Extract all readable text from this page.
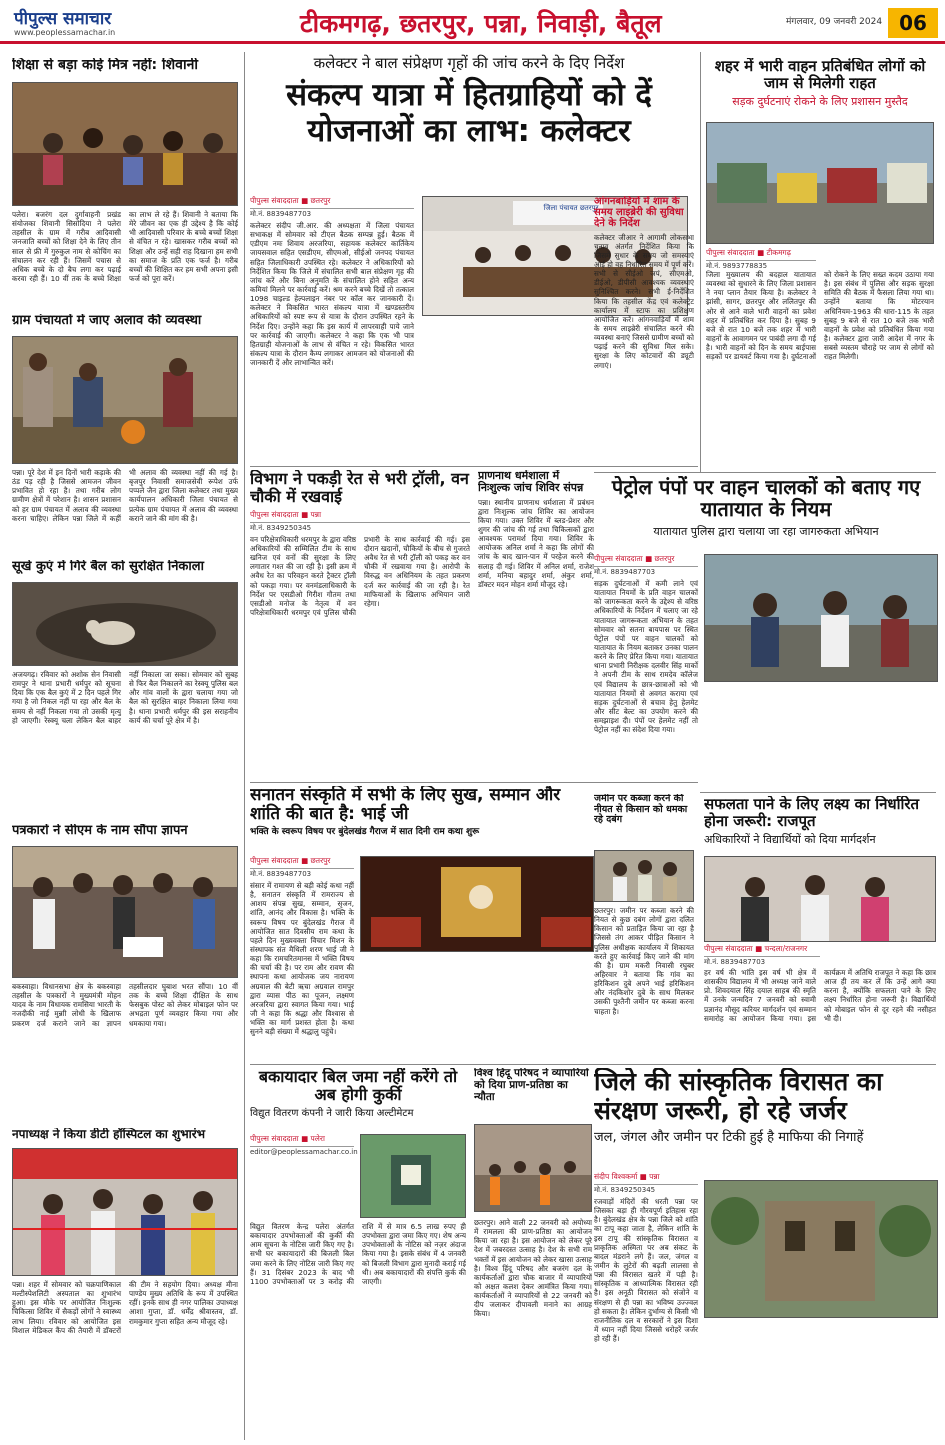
पीपुल्स समाचार
www.peoplessamachar.in	टीकमगढ़, छतरपुर, पन्ना, निवाड़ी, बैतूल	मंगलवार, 09 जनवरी 2024 06
शिक्षा से बड़ा कोई मित्र नहीं: शिवानी
पलेरा। बजरंग दल दुर्गावाहनी प्रखंड संयोजका शिवानी सिसोदिया ने पलेरा तहसील के ग्राम में गरीब आदिवासी जनजाति बच्चों को शिक्षा देने के लिए तीन साल से फ्री में गुरुकुल नाम से कोचिंग का संचालन कर रही हैं। जिसमें पचास से अधिक बच्चे के दो बैच लगा कर पढ़ाई करवा रही हैं। 10 वीं तक के बच्चे शिक्षा का लाभ ले रहे हैं। शिवानी ने बताया कि मेरे जीवन का एक ही उद्देश्य है कि कोई भी आदिवासी परिवार के बच्चे बच्चों शिक्षा से वंचित न रहे। खासकर गरीब बच्चों को शिक्षा और उन्हें सही राह दिखाना हम सभी का समाज के प्रति एक फर्ज है। गरीब बच्चों की शिक्षित कर हम सभी अपना इसी फर्ज को पूरा करें।
ग्राम पंचायतों में जाए अलाव की व्यवस्था
पन्ना। पूरे देश में इन दिनों भारी कड़ाके की ठंड पड़ रही है जिससे आमजन जीवन प्रभावित हो रहा है। तथा गरीब लोग ग्रामीण क्षेत्रों में परेशान है। शासन प्रशासन को हर ग्राम पंचायत में अलाव की व्यवस्था करना चाहिए। लेकिन पन्ना जिले में कहीं भी अलाव की व्यवस्था नहीं की गई है। बृजपुर निवासी समाजसेवी रूपेश उर्फ पप्पले जैन द्वारा जिला कलेक्टर तथा मुख्य कार्यपालन अधिकारी जिला पंचायत से प्रत्येक ग्राम पंचायत में अलाव की व्यवस्था कराने जाने की मांग की है।
सूखे कुएं में गिरे बैल को सुरक्षित निकाला
अजयगढ़। रविवार को अशोक सेन निवासी रामपुर ने थाना प्रभारी धर्मपुर को सूचना दिया कि एक बैल कुएं में 2 दिन पहले गिर गया है जो निकल नहीं पा रहा और बैल के समय से नहीं निकला गया तो उसकी मृत्यु हो जाएगी। रेस्क्यू चला लेकिन बैल बाहर नहीं निकाला जा सका। सोमवार को सुबह से फिर बैल निकालने का रेस्क्यू पुलिस बल और गांव वालों के द्वारा चलाया गया जो बैल को सुरक्षित बाहर निकाला लिया गया है। थाना प्रभारी धर्मपुर की इस सराहनीय कार्य की चर्चा पूरे क्षेत्र में है।
पत्रकारों ने सीएम के नाम सौंपा ज्ञापन
बकस्वाहा। विधानसभा क्षेत्र के बकस्वाहा तहसील के पत्रकारों ने मुख्यमंत्री मोहन यादव के नाम विधायक रामसिया भारती के नजदीकी नाई मुन्नाी लोधी के खिलाफ प्रकरण दर्ज कराने जाने का ज्ञापन तहसीलदार घुबाश भरत सौंपा। 10 वीं तक के बच्चे शिक्षा दीक्षित के साथ फेसबुक पोस्ट को लेकर मोबाइल फोन पर अभद्रता पूर्ण व्यवहार किया गया और धमकाया गया।
नपाध्यक्ष ने किया डीटी हॉस्पिटल का शुभारंभ
पन्ना। शहर में सोमवार को चक्रपाणिकाल मल्टीस्पेशलिटी अस्पताल का शुभारंभ हुआ। इस मौके पर आयोजित निःशुल्क चिकित्सा शिविर में सैकड़ों लोगों ने स्वास्थ्य लाभ लिया। रविवार को आयोजित इस विशाल मेडिकल कैंप की तैयारी में डॉक्टरों की टीम ने सहयोग दिया। अध्यक्ष मीना पाण्डेय मुख्य अतिथि के रूप में उपस्थित रहीं। इनके साथ ही नगर पालिका उपाध्यक्ष आशा गुप्ता, डॉ. धर्मेंद्र श्रीवास्तव, डॉ. रामकुमार गुप्ता सहित अन्य मौजूद रहे।
कलेक्टर ने बाल संप्रेक्षण गृहों की जांच करने के दिए निर्देश
संकल्प यात्रा में हितग्राहियों को दें योजनाओं का लाभ: कलेक्टर
पीपुल्स संवाददाता ■ छतरपुर
मो.नं. 8839487703
कलेक्टर संदीप जी.आर. की अध्यक्षता में जिला पंचायत सभाकक्ष में सोमवार को टीएल बैठक सम्पन्न हुई। बैठक में एडीएम नमः शिवाय अरजरिया, सहायक कलेक्टर कार्तिकेय जायसवाल सहित एसडीएम, सीएमओ, सीईओ जनपद पंचायत सहित जिलाधिकारी उपस्थित रहे। कलेक्टर ने अधिकारियों को निर्देशित किया कि जिले में संचालित सभी बाल संप्रेक्षण गृह की जांच करें और बिना अनुमति के संचालित होने सहित अन्य कमियां मिलने पर कार्रवाई करें। श्रम करने बच्चे दिखें तो तत्काल 1098 चाइल्ड हेल्पलाइन नंबर पर कॉल कर जानकारी दें। कलेक्टर ने विकसित भारत संकल्प यात्रा में खण्डस्तरीय अधिकारियों को स्पष्ट रूप से यात्रा के दौरान उपस्थित रहने के निर्देश दिए। उन्होंने कहा कि इस कार्य में लापरवाही पाये जाने पर कार्रवाई की जाएगी। कलेक्टर ने कहा कि एक भी पात्र हितग्राही योजनाओं के लाभ से वंचित न रहे। विकसित भारत संकल्प यात्रा के दौरान कैम्प लगाकर आमजन को योजनाओं की जानकारी दें और लाभान्वित करें।
जिला पंचायत छतरपुर
आंगनबाड़ियों में शाम के समय लाइब्रेरी की सुविधा देने के निर्देश
कलेक्टर जीआर ने आगामी लोकसभा चुनाव अंतर्गत निर्देशित किया कि जिसमें सुधार के समय जो समस्याएं आई हो वह निर्धारित समय में पूर्ण करें। सभी से सीईओ जपं, सीएमओ, डीईओ, डीपीसी आवश्यक व्यवस्थाएं सुनिश्चित करने। सभी ई-निर्देशित किया कि तहसील केंद्र एवं कलेक्ट्रेट कार्यालय में स्टाफ का प्रशिक्षण आयोजित करें। आंगनवाड़ियों में शाम के समय लाइब्रेरी संचालित करने की व्यवस्था बनाएं जिससे ग्रामीण बच्चों को पढ़ाई करने की सुविधा मिल सके। सुरक्षा के लिए कोटवारों की ड्यूटी लगाएं।
विभाग ने पकड़ी रेत से भरी ट्रॉली, वन चौकी में रखवाई
पीपुल्स संवाददाता ■ पन्ना
मो.नं. 8349250345
वन परिक्षेत्राधिकारी धरमपुर के द्वारा वरिष्ठ अधिकारियों की सम्मिलित टीम के साथ खनिज एवं वनों की सुरक्षा के लिए लगातार गश्त की जा रही है। इसी क्रम में अवैध रेत का परिवहन करते ट्रैक्टर ट्रॉली को पकड़ा गया। पर वनमंडलाधिकारी के निर्देश पर एसडीओ गिरीश गौतम तथा एसडीओ मनोज के नेतृत्व में वन परिक्षेत्राधिकारी धरमपुर एवं पुलिस चौकी प्रभारी के साथ कार्रवाई की गई। इस दौरान खदानों, चौकियों के बीच से गुजरते अवैध रेत से भरी ट्रॉली को पकड़ कर वन चौकी में रखवाया गया है। आरोपी के विरुद्ध वन अधिनियम के तहत प्रकरण दर्ज कर कार्रवाई की जा रही है। रेत माफियाओं के खिलाफ अभियान जारी रहेगा।
प्राणनाथ धर्मशाला में निःशुल्क जांच शिविर संपन्न
पन्ना। स्थानीय प्राणनाथ धर्मशाला में प्रबंधन द्वारा निःशुल्क जांच शिविर का आयोजन किया गया। उक्त शिविर में ब्लड-प्रेशर और शुगर की जांच की गई तथा चिकित्सकों द्वारा आवश्यक परामर्श दिया गया। शिविर के आयोजक अनिल शर्मा ने कहा कि लोगों की जांच के बाद खान-पान में परहेज करने की सलाह दी गई। शिविर में अनिल शर्मा, राजेश शर्मा, मनिया बहादुर शर्मा, अंकुर शर्मा, डॉक्टर मदन मोहन शर्मा मौजूद रहे।
सनातन संस्कृति में सभी के लिए सुख, सम्मान और शांति की बात है: भाई जी
भक्ति के स्वरूप विषय पर बुंदेलखंड गैराज में सात दिनी राम कथा शुरू
पीपुल्स संवाददाता ■ छतरपुर
मो.नं. 8839487703
संसार में रामायण से बड़ी कोई कथा नहीं है, सनातन संस्कृति में रामराज्य से आशय संपन्न सुख, सम्मान, सृजन, शांति, आनंद और विकास है। भक्ति के स्वरूप विषय पर बुंदेलखंड गैराज में आयोजित सात दिवसीय राम कथा के पहले दिन मुख्यवक्ता विचार मिशन के संस्थापक संत मैथिली शरण भाई जी ने कहा कि रामचरितमानस में भक्ति विषय की चर्चा की है। पर राम और रावण की स्थापना कथा आयोजक जय नारायण अग्रवाल की बेटी ऋचा अग्रवाल रामपुर द्वारा व्यास पीठ का पूजन, लक्ष्मण अरजरिया द्वारा स्वागत किया गया। भाई जी ने कहा कि श्रद्धा और विश्वास से भक्ति का मार्ग प्रशस्त होता है। कथा सुनने बड़ी संख्या में श्रद्धालु पहुंचे।
जमीन पर कब्जा करने की नीयत से किसान को धमका रहे दबंग
छतरपुर। जमीन पर कब्जा करने की नियत से कुछ दबंग लोगों द्वारा दलित किसान को प्रताड़ित किया जा रहा है जिससे तंग आकर पीड़ित किसान ने पुलिस अधीक्षक कार्यालय में शिकायत करते हुए कार्रवाई किए जाने की मांग की है। ग्राम मकरी निवासी रघुबर अहिरवार ने बताया कि गांव का हरिकिशन दुबे अपने भाई हरिकिशन और नंदकिशोर दुबे के साथ मिलकर उसकी पुश्तैनी जमीन पर कब्जा करना चाहता है।
बकायादार बिल जमा नहीं करेंगे तो अब होगी कुर्की
विद्युत वितरण कंपनी ने जारी किया अल्टीमेटम
पीपुल्स संवाददाता ■ पलेरा
editor@peoplessamachar.co.in
विद्युत वितरण केन्द्र पलेरा अंतर्गत बकायादार उपभोक्ताओं की कुर्की की आम सूचना के नोटिस जारी किए गए है। सभी घर बकायादारों की बिजली बिल जमा करने के लिए नोटिस जारी किए गए हैं। 31 दिसंबर 2023 के बाद भी 1100 उपभोक्ताओं पर 3 करोड़ की राशि में से मात्र 6.5 लाख रुपए ही उपभोक्ता द्वारा जमा किए गए। शेष अन्य उपभोक्ताओं के नोटिस को नज़र अंदाज किया गया है। इसके संबंध में 4 जनवरी को बिजली विभाग द्वारा मुनादी कराई गई थी। अब बकायादारों की संपत्ति कुर्क की जाएगी।
विश्व हिंदू परिषद ने व्यापारियों को दिया प्राण-प्रतिष्ठा का न्यौता
छतरपुर। आने वाली 22 जनवरी को अयोध्या में रामलला की प्राण-प्रतिष्ठा का आयोजन किया जा रहा है। इस आयोजन को लेकर पूरे देश में जबरदस्त उत्साह है। देश के सभी राम भक्तों में इस आयोजन को लेकर खासा उत्साह है। विश्व हिंदू परिषद और बजरंग दल के कार्यकर्ताओं द्वारा चौक बाजार में व्यापारियों को अक्षत कलश देकर आमंत्रित किया गया। कार्यकर्ताओं ने व्यापारियों से 22 जनवरी को दीप जलाकर दीपावली मनाने का आग्रह किया।
शहर में भारी वाहन प्रतिबंधित लोगों को जाम से मिलेगी राहत
सड़क दुर्घटनाएं रोकने के लिए प्रशासन मुस्तैद
पीपुल्स संवाददाता ■ टीकमगढ़
मो.नं. 9893778835
जिला मुख्यालय की बदहाल यातायात व्यवस्था को सुधारने के लिए जिला प्रशासन ने नया प्लान तैयार किया है। कलेक्टर ने झांसी, सागर, छतरपुर और ललितपुर की ओर से आने वाले भारी वाहनों का प्रवेश शहर में प्रतिबंधित कर दिया है। सुबह 9 बजे से रात 10 बजे तक शहर में भारी वाहनों के आवागमन पर पाबंदी लगा दी गई है। भारी वाहनों को दिन के समय बाईपास सड़कों पर डायवर्ट किया गया है। दुर्घटनाओं को रोकने के लिए सख्त कदम उठाया गया है। इस संबंध में पुलिस और सड़क सुरक्षा समिति की बैठक में फैसला लिया गया था। उन्होंने बताया कि मोटरयान अधिनियम-1963 की धारा-115 के तहत सुबह 9 बजे से रात 10 बजे तक भारी वाहनों के प्रवेश को प्रतिबंधित किया गया है। कलेक्टर द्वारा जारी आदेश में नगर के सबसे व्यस्तम चौराहे पर जाम से लोगों को राहत मिलेगी।
पेट्रोल पंपों पर वाहन चालकों को बताए गए यातायात के नियम
यातायात पुलिस द्वारा चलाया जा रहा जागरुकता अभियान
पीपुल्स संवाददाता ■ छतरपुर
मो.नं. 8839487703
सड़क दुर्घटनाओं में कमी लाने एवं यातायात नियमों के प्रति वाहन चालकों को जागरूकता करने के उद्देश्य से वरिष्ठ अधिकारियों के निर्देशन में चलाए जा रहे यातायात जागरूकता अभियान के तहत सोमवार को सतना बायपास पर स्थित पेट्रोल पंपों पर वाहन चालकों को यातायात के नियम बताकर उनका पालन करने के लिए प्रेरित किया गया। यातायात थाना प्रभारी निरीक्षक दलवीर सिंह मार्को ने अपनी टीम के साथ रामदेव कॉलेज एवं विद्यालय के छात्र-छात्राओं को भी यातायात नियमों से अवगत कराया एवं सड़क दुर्घटनाओं से बचाव हेतु हेलमेट और सीट बेल्ट का उपयोग करने की समझाइश दी। पंपों पर हेलमेट नहीं तो पेट्रोल नहीं का संदेश दिया गया।
सफलता पाने के लिए लक्ष्य का निर्धारित होना जरूरी: राजपूत
अधिकारियों ने विद्यार्थियों को दिया मार्गदर्शन
पीपुल्स संवाददाता ■ चन्दला/राजनगर
मो.नं. 8839487703
हर वर्ष की भांति इस वर्ष भी क्षेत्र में शासकीय विद्यालय में भी अध्यक्ष जाने वाले प्रो. शिवदयाल सिंह दयाल साहब की स्मृति में उनके जन्मदिन 7 जनवरी को स्वामी प्रज्ञानंद मौसूद करियर मार्गदर्शन एवं सम्मान समारोह का आयोजन किया गया। इस कार्यक्रम में अतिथि राजपूत ने कहा कि छात्र आज ही तय कर लें कि उन्हें आगे क्या करना है, क्योंकि सफलता पाने के लिए लक्ष्य निर्धारित होना जरूरी है। विद्यार्थियों को मोबाइल फोन से दूर रहने की नसीहत भी दी।
जिले की सांस्कृतिक विरासत का संरक्षण जरूरी, हो रहे जर्जर
जल, जंगल और जमीन पर टिकी हुई है माफिया की निगाहें
संदीप विश्वकर्मा ■ पन्ना
मो.नं. 8349250345
रजवाड़ों मंदिरों की धरती पन्ना पर जिसका बड़ा ही गौरवपूर्ण इतिहास रहा है। बुंदेलखंड क्षेत्र के पन्ना जिले को शांति का टापू कहा जाता है, लेकिन शांति के इस टापू की सांस्कृतिक विरासत व प्राकृतिक अस्मिता पर अब संकट के बादल मंडराने लगे हैं। जल, जंगल व जमीन के लुटेरों की बढ़ती लालसा से पन्ना की विरासत खतरे में पड़ी है। सांस्कृतिक व आध्यात्मिक विरासत रही है। इस अनूठी विरासत को संजोने व संरक्षण से ही पन्ना का भविष्य उज्ज्वल हो सकता है। लेकिन दुर्भाग्य से किसी भी राजनीतिक दल व सरकारों ने इस दिशा में ध्यान नहीं दिया जिससे धरोहरें जर्जर हो रही हैं।
